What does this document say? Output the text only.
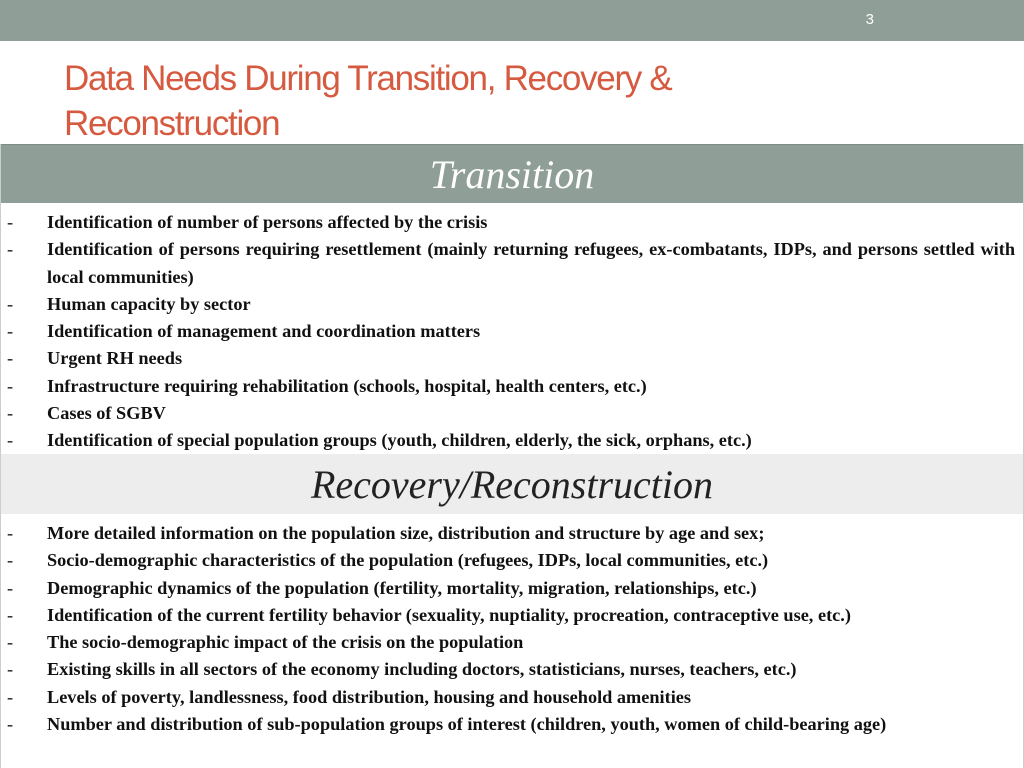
3
Data Needs During Transition, Recovery &
Reconstruction
Transition
- Identification of number of persons affected by the crisis
- Identification of persons requiring resettlement (mainly returning refugees, ex-combatants, IDPs, and persons settled with local communities)
- Human capacity by sector
- Identification of management and coordination matters
- Urgent RH needs
- Infrastructure requiring rehabilitation (schools, hospital, health centers, etc.)
- Cases of SGBV
- Identification of special population groups (youth, children, elderly, the sick, orphans, etc.)
Recovery/Reconstruction
- More detailed information on the population size, distribution and structure by age and sex;
- Socio-demographic characteristics of the population (refugees, IDPs, local communities, etc.)
- Demographic dynamics of the population (fertility, mortality, migration, relationships, etc.)
- Identification of the current fertility behavior (sexuality, nuptiality, procreation, contraceptive use, etc.)
- The socio-demographic impact of the crisis on the population
- Existing skills in all sectors of the economy including doctors, statisticians, nurses, teachers, etc.)
- Levels of poverty, landlessness, food distribution, housing and household amenities
- Number and distribution of sub-population groups of interest (children, youth, women of child-bearing age)
